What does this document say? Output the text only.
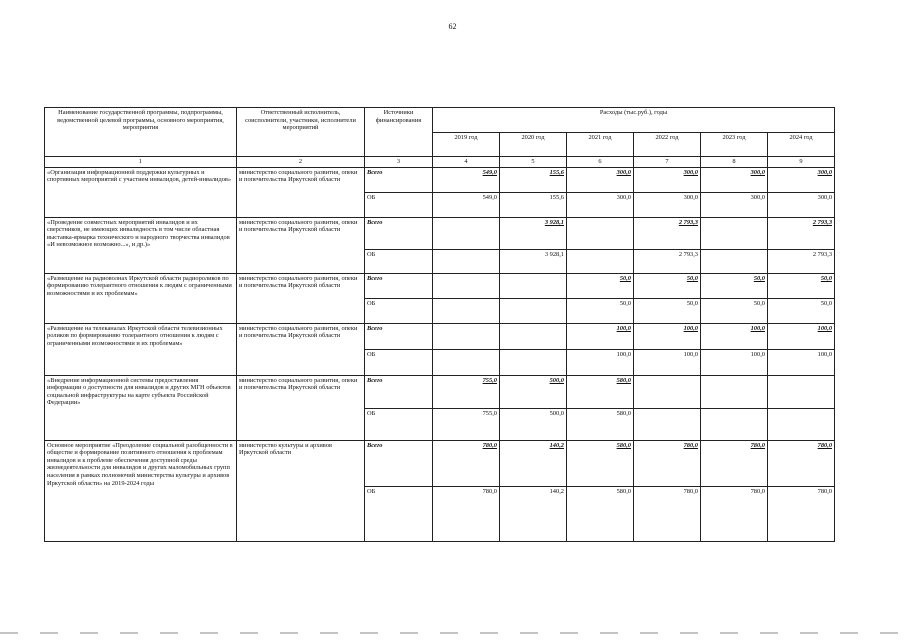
62
Наименование государственной программы, подпрограммы, ведомственной целевой программы, основного мероприятия, мероприятия	Ответственный исполнитель, соисполнители, участники, исполнители мероприятий	Источники финансирования	Расходы (тыс.руб.), годы					
			2019 год	2020 год	2021 год	2022 год	2023 год	2024 год
1	2	3	4	5	6	7	8	9
«Организация информационной поддержки культурных и спортивных мероприятий с участием инвалидов, детей-инвалидов»	министерство социального развития, опеки и попечительства Иркутской области	Всего	549,0	155,6	300,0	300,0	300,0	300,0
		ОБ	549,0	155,6	300,0	300,0	300,0	300,0
«Проведение совместных мероприятий инвалидов и их сверстников, не имеющих инвалидность в том числе областная выставка-ярмарка технического и народного творчества инвалидов «И невозможное возможно...», и др.)»	министерство социального развития, опеки и попечительства Иркутской области	Всего		3 928,1		2 793,3		2 793,3
		ОБ		3 928,1		2 793,3		2 793,3
«Размещение на радиоволнах Иркутской области радиороликов по формированию толерантного отношения к людям с ограниченными возможностями и их проблемам»	министерство социального развития, опеки и попечительства Иркутской области	Всего			50,0	50,0	50,0	50,0
		ОБ			50,0	50,0	50,0	50,0
«Размещение на телеканалах Иркутской области телевизионных роликов по формированию толерантного отношения к людям с ограниченными возможностями и их проблемам»	министерство социального развития, опеки и попечительства Иркутской области	Всего			100,0	100,0	100,0	100,0
		ОБ			100,0	100,0	100,0	100,0
«Внедрение информационной системы предоставления информации о доступности для инвалидов и других МГН объектов социальной инфраструктуры на карте субъекта Российской Федерации»	министерство социального развития, опеки и попечительства Иркутской области	Всего	755,0	500,0	580,0			
		ОБ	755,0	500,0	580,0			
Основное мероприятие «Преодоление социальной разобщенности в обществе и формирование позитивного отношения к проблемам инвалидов и к проблеме обеспечения доступной среды жизнедеятельности для инвалидов и других маломобильных групп населения в рамках полномочий министерства культуры и архивов Иркутской области» на 2019-2024 годы	министерство культуры и архивов Иркутской области	Всего	780,0	140,2	580,0	780,0	780,0	780,0
		ОБ	780,0	140,2	580,0	780,0	780,0	780,0
